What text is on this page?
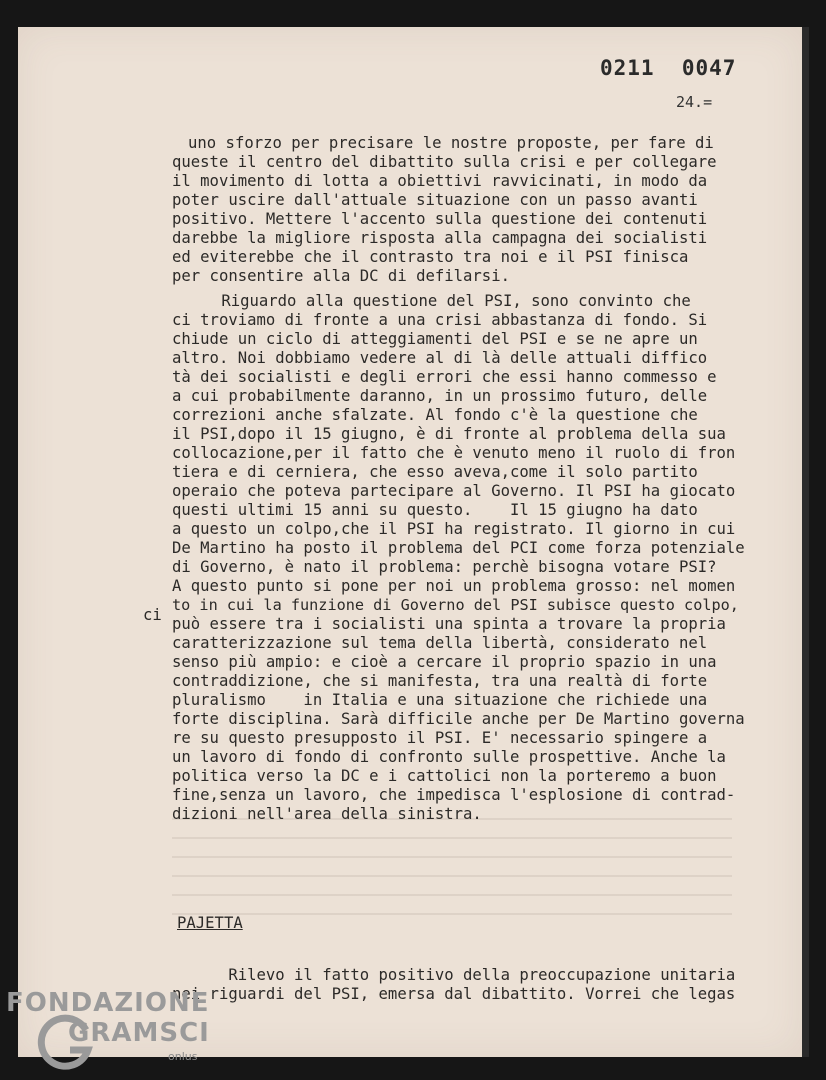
0211  0047
24.=
uno sforzo per precisare le nostre proposte, per fare di
queste il centro del dibattito sulla crisi e per collegare
il movimento di lotta a obiettivi ravvicinati, in modo da
poter uscire dall'attuale situazione con un passo avanti
positivo. Mettere l'accento sulla questione dei contenuti
darebbe la migliore risposta alla campagna dei socialisti
ed eviterebbe che il contrasto tra noi e il PSI finisca
per consentire alla DC di defilarsi.
Riguardo alla questione del PSI, sono convinto che
ci troviamo di fronte a una crisi abbastanza di fondo. Si
chiude un ciclo di atteggiamenti del PSI e se ne apre un
altro. Noi dobbiamo vedere al di là delle attuali diffico
tà dei socialisti e degli errori che essi hanno commesso e
a cui probabilmente daranno, in un prossimo futuro, delle
correzioni anche sfalzate. Al fondo c'è la questione che
il PSI,dopo il 15 giugno, è di fronte al problema della sua
collocazione,per il fatto che è venuto meno il ruolo di fron
tiera e di cerniera, che esso aveva,come il solo partito
operaio che poteva partecipare al Governo. Il PSI ha giocato
questi ultimi 15 anni su questo.    Il 15 giugno ha dato
a questo un colpo,che il PSI ha registrato. Il giorno in cui
De Martino ha posto il problema del PCI come forza potenziale
di Governo, è nato il problema: perchè bisogna votare PSI?
A questo punto si pone per noi un problema grosso: nel momen
to in cui la funzione di Governo del PSI subisce questo colpo,
può essere tra i socialisti una spinta a trovare la propria
caratterizzazione sul tema della libertà, considerato nel
senso più ampio: e cioè a cercare il proprio spazio in una
contraddizione, che si manifesta, tra una realtà di forte
pluralismo    in Italia e una situazione che richiede una
forte disciplina. Sarà difficile anche per De Martino governa
re su questo presupposto il PSI. E' necessario spingere a
un lavoro di fondo di confronto sulle prospettive. Anche la
politica verso la DC e i cattolici non la porteremo a buon
fine,senza un lavoro, che impedisca l'esplosione di contrad-
dizioni nell'area della sinistra.
ci
PAJETTA
Rilevo il fatto positivo della preoccupazione unitaria
nei riguardi del PSI, emersa dal dibattito. Vorrei che legas
FONDAZIONE
GRAMSCI
onlus
